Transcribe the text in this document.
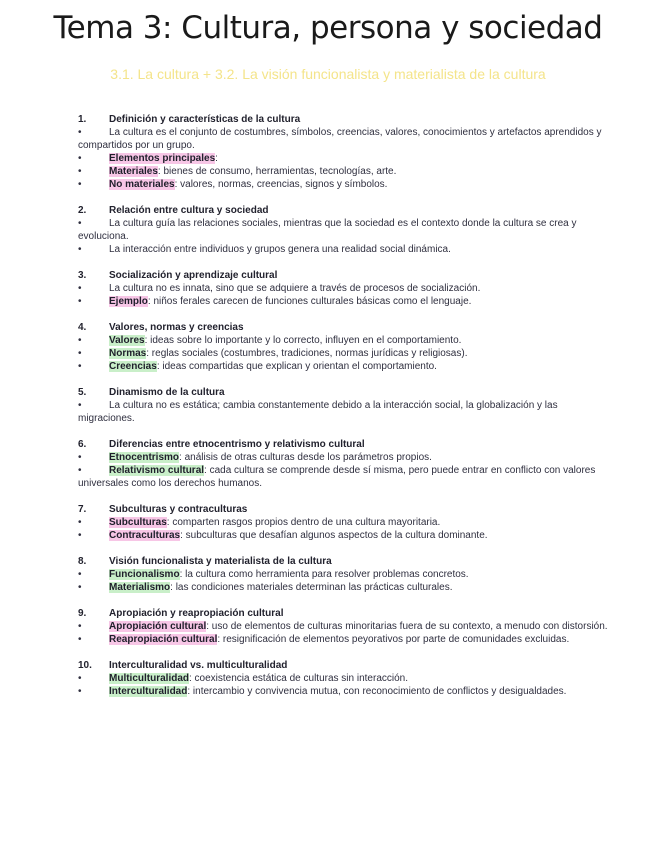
Tema 3: Cultura, persona y sociedad
3.1. La cultura + 3.2. La visión funcionalista y materialista de la cultura
1. Definición y características de la cultura
•	La cultura es el conjunto de costumbres, símbolos, creencias, valores, conocimientos y artefactos aprendidos y compartidos por un grupo.
•	Elementos principales:
•	Materiales: bienes de consumo, herramientas, tecnologías, arte.
•	No materiales: valores, normas, creencias, signos y símbolos.
2. Relación entre cultura y sociedad
•	La cultura guía las relaciones sociales, mientras que la sociedad es el contexto donde la cultura se crea y evoluciona.
•	La interacción entre individuos y grupos genera una realidad social dinámica.
3. Socialización y aprendizaje cultural
•	La cultura no es innata, sino que se adquiere a través de procesos de socialización.
•	Ejemplo: niños ferales carecen de funciones culturales básicas como el lenguaje.
4. Valores, normas y creencias
•	Valores: ideas sobre lo importante y lo correcto, influyen en el comportamiento.
•	Normas: reglas sociales (costumbres, tradiciones, normas jurídicas y religiosas).
•	Creencias: ideas compartidas que explican y orientan el comportamiento.
5. Dinamismo de la cultura
•	La cultura no es estática; cambia constantemente debido a la interacción social, la globalización y las migraciones.
6. Diferencias entre etnocentrismo y relativismo cultural
•	Etnocentrismo: análisis de otras culturas desde los parámetros propios.
•	Relativismo cultural: cada cultura se comprende desde sí misma, pero puede entrar en conflicto con valores universales como los derechos humanos.
7. Subculturas y contraculturas
•	Subculturas: comparten rasgos propios dentro de una cultura mayoritaria.
•	Contraculturas: subculturas que desafían algunos aspectos de la cultura dominante.
8. Visión funcionalista y materialista de la cultura
•	Funcionalismo: la cultura como herramienta para resolver problemas concretos.
•	Materialismo: las condiciones materiales determinan las prácticas culturales.
9. Apropiación y reapropiación cultural
•	Apropiación cultural: uso de elementos de culturas minoritarias fuera de su contexto, a menudo con distorsión.
•	Reapropiación cultural: resignificación de elementos peyorativos por parte de comunidades excluidas.
10. Interculturalidad vs. multiculturalidad
•	Multiculturalidad: coexistencia estática de culturas sin interacción.
•	Interculturalidad: intercambio y convivencia mutua, con reconocimiento de conflictos y desigualdades.
